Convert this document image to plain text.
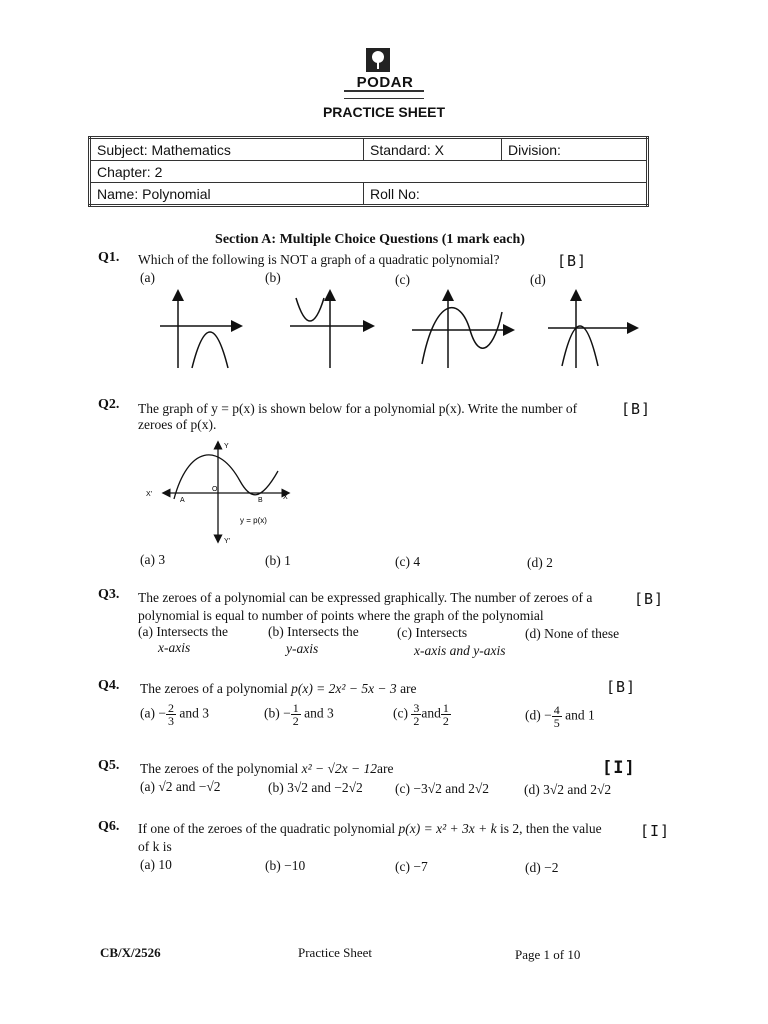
PODAR
PRACTICE SHEET
Subject: Mathematics	Standard: X	Division:
Chapter: 2		
Name: Polynomial	Roll No:	
Section A: Multiple Choice Questions (1 mark each)
Q1. Which of the following is NOT a graph of a quadratic polynomial?	[B]
(a)	(b)	(c)	(d)
Q2. The graph of y = p(x) is shown below for a polynomial p(x). Write the number of
zeroes of p(x).
[B]
Y
Y'
X
X'
O
A	B
y = p(x)
(a) 3	(b) 1	(c) 4	(d) 2
Q3. The zeroes of a polynomial can be expressed graphically. The number of zeroes of a
polynomial is equal to number of points where the graph of the polynomial
[B]
(a) Intersects the
x-axis
(b) Intersects the
y-axis
(c) Intersects
x-axis and y-axis
(d) None of these
Q4. The zeroes of a polynomial p(x) = 2x² − 5x − 3 are	[B]
$(a) - \frac{2}{3}$ and 3	$(b) - \frac{1}{2}$ and 3	$(c) \frac{3}{2}$ and $\frac{1}{2}$	$(d) - \frac{4}{5}$ and 1
Q5. The zeroes of the polynomial x² − √2x − 12are	[I]
(a) √2 and −√2	(b) 3√2 and −2√2 (c) −3√2 and 2√2	(d) 3√2 and 2√2
Q6. If one of the zeroes of the quadratic polynomial p(x) = x² + 3x + k is 2, then the value	[I]
of k is
(a) 10	(b) −10	(c) −7	(d) −2
CB/X/2526	Practice Sheet	Page 1 of 10
